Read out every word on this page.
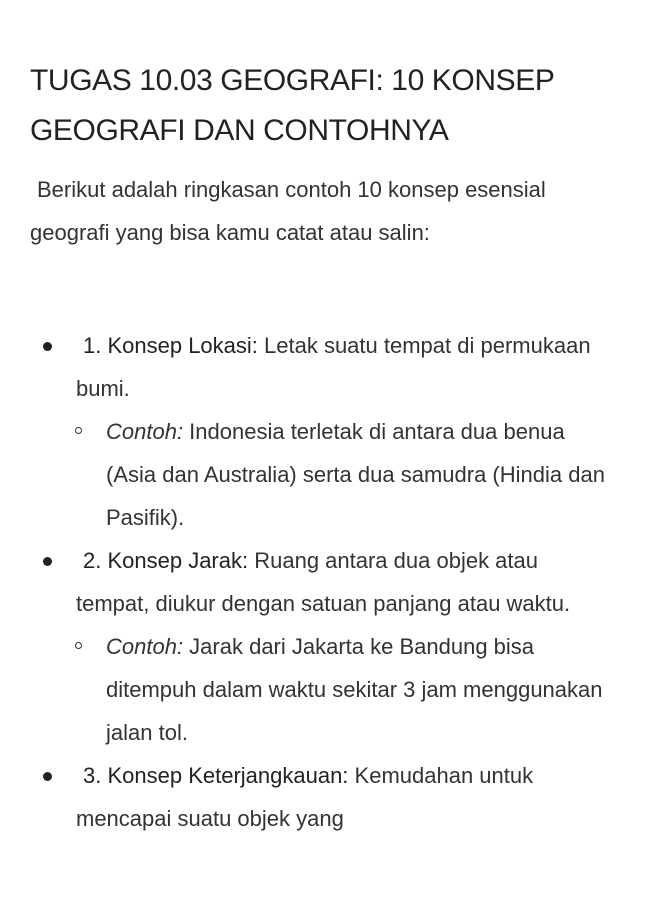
TUGAS 10.03 GEOGRAFI: 10 KONSEP GEOGRAFI DAN CONTOHNYA

Berikut adalah ringkasan contoh 10 konsep esensial geografi yang bisa kamu catat atau salin:

1. Konsep Lokasi: Letak suatu tempat di permukaan bumi.
Contoh: Indonesia terletak di antara dua benua (Asia dan Australia) serta dua samudra (Hindia dan Pasifik).
2. Konsep Jarak: Ruang antara dua objek atau tempat, diukur dengan satuan panjang atau waktu.
Contoh: Jarak dari Jakarta ke Bandung bisa ditempuh dalam waktu sekitar 3 jam menggunakan jalan tol.
3. Konsep Keterjangkauan: Kemudahan untuk mencapai suatu objek yang
